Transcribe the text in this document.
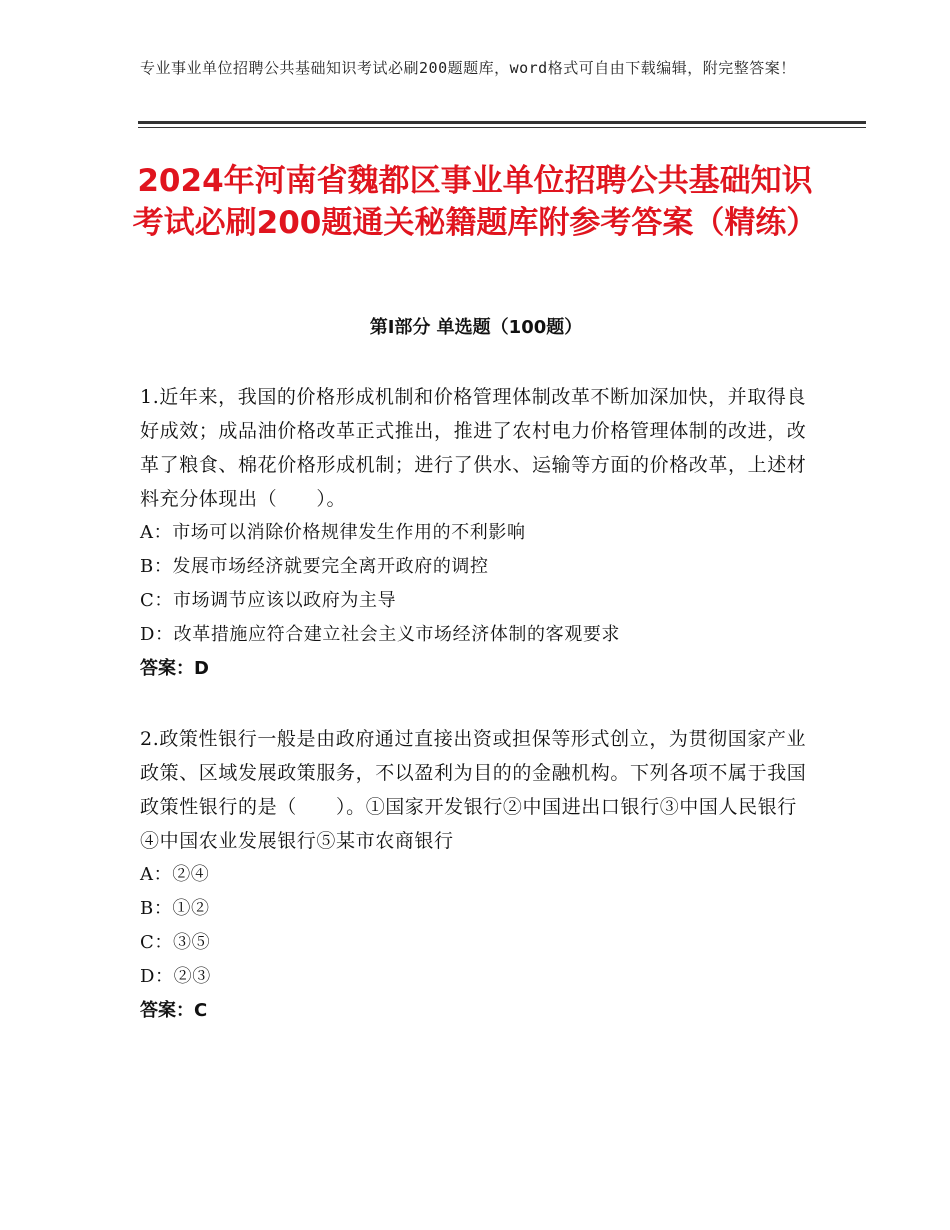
专业事业单位招聘公共基础知识考试必刷200题题库，word格式可自由下载编辑，附完整答案！
2024年河南省魏都区事业单位招聘公共基础知识考试必刷200题通关秘籍题库附参考答案（精练）
第Ⅰ部分 单选题（100题）

1.近年来，我国的价格形成机制和价格管理体制改革不断加深加快，并取得良好成效；成品油价格改革正式推出，推进了农村电力价格管理体制的改进，改革了粮食、棉花价格形成机制；进行了供水、运输等方面的价格改革，上述材料充分体现出（　　）。

A：市场可以消除价格规律发生作用的不利影响

B：发展市场经济就要完全离开政府的调控

C：市场调节应该以政府为主导

D：改革措施应符合建立社会主义市场经济体制的客观要求

答案：D

2.政策性银行一般是由政府通过直接出资或担保等形式创立，为贯彻国家产业政策、区域发展政策服务，不以盈利为目的的金融机构。下列各项不属于我国政策性银行的是（　　）。①国家开发银行②中国进出口银行③中国人民银行④中国农业发展银行⑤某市农商银行

A：②④

B：①②

C：③⑤

D：②③

答案：C
